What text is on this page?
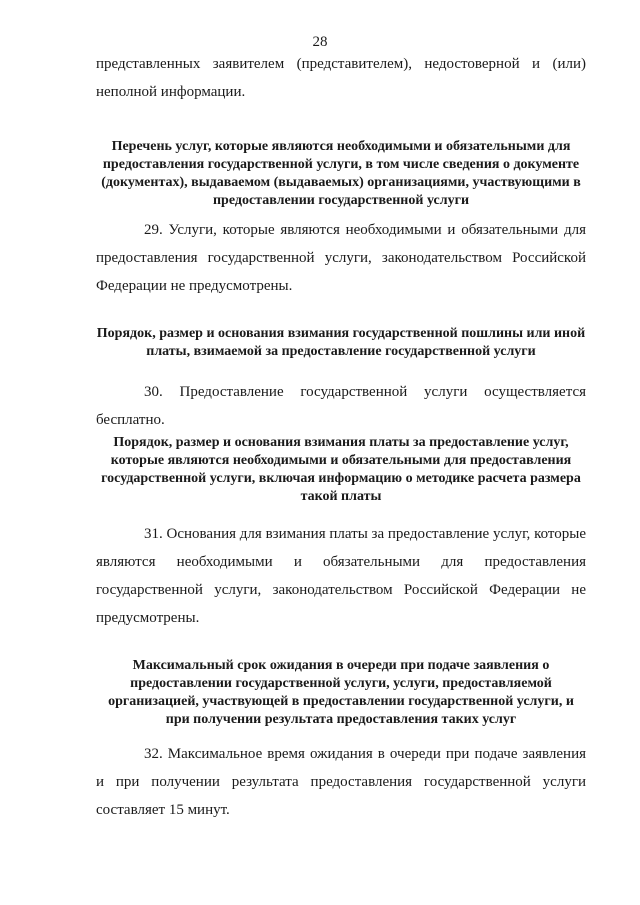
28

представленных заявителем (представителем), недостоверной и (или) неполной информации.

Перечень услуг, которые являются необходимыми и обязательными для предоставления государственной услуги, в том числе сведения о документе (документах), выдаваемом (выдаваемых) организациями, участвующими в предоставлении государственной услуги

29. Услуги, которые являются необходимыми и обязательными для предоставления государственной услуги, законодательством Российской Федерации не предусмотрены.

Порядок, размер и основания взимания государственной пошлины или иной платы, взимаемой за предоставление государственной услуги

30. Предоставление государственной услуги осуществляется бесплатно.

Порядок, размер и основания взимания платы за предоставление услуг, которые являются необходимыми и обязательными для предоставления государственной услуги, включая информацию о методике расчета размера такой платы

31. Основания для взимания платы за предоставление услуг, которые являются необходимыми и обязательными для предоставления государственной услуги, законодательством Российской Федерации не предусмотрены.

Максимальный срок ожидания в очереди при подаче заявления о предоставлении государственной услуги, услуги, предоставляемой организацией, участвующей в предоставлении государственной услуги, и при получении результата предоставления таких услуг

32. Максимальное время ожидания в очереди при подаче заявления и при получении результата предоставления государственной услуги составляет 15 минут.
